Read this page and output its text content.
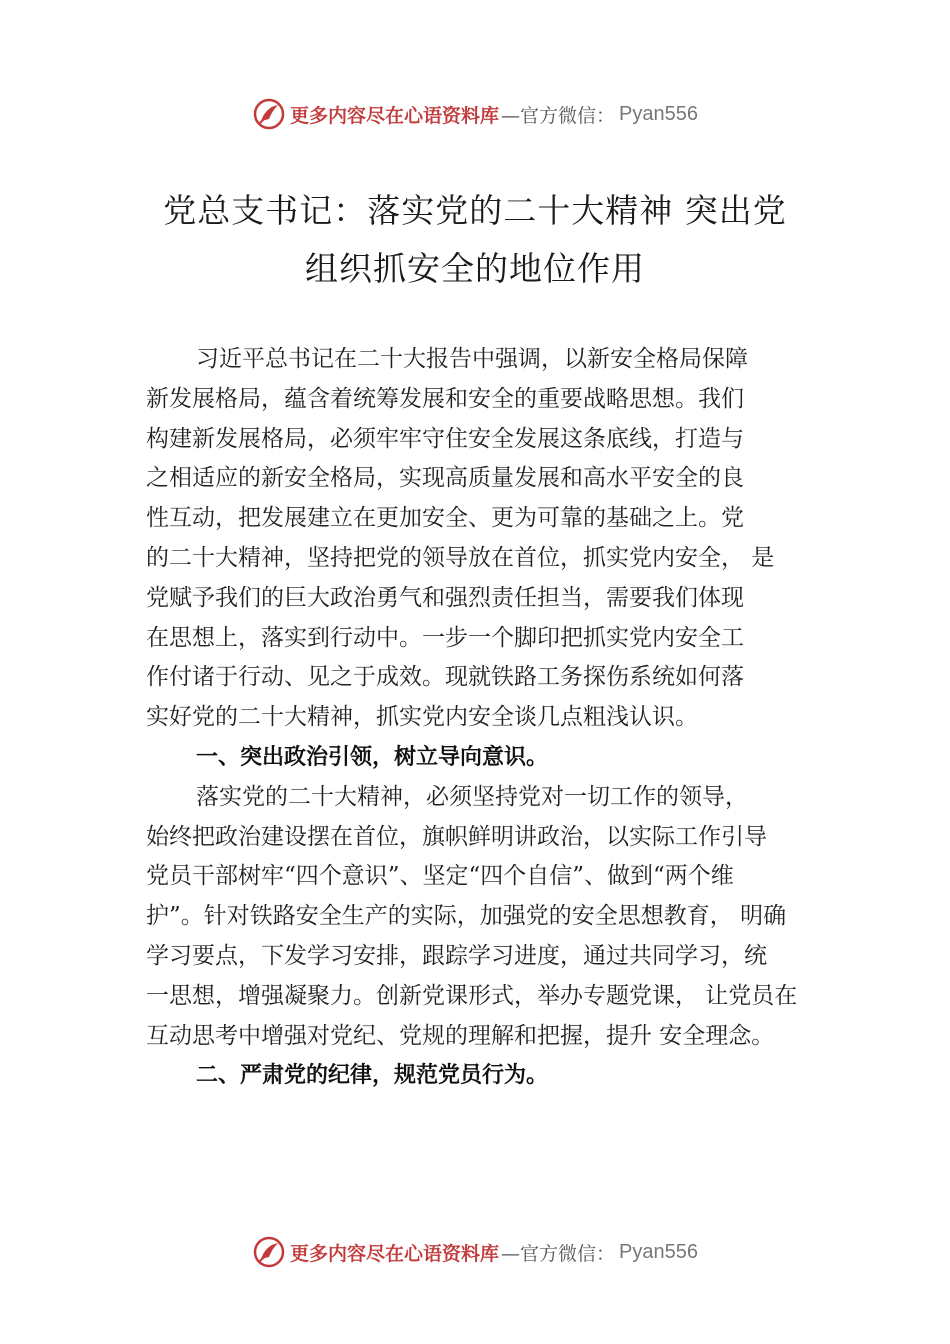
更多内容尽在心语资料库 —官方微信： Pyan556
党总支书记：落实党的二十大精神 突出党
组织抓安全的地位作用
习近平总书记在二十大报告中强调，以新安全格局保障
新发展格局，蕴含着统筹发展和安全的重要战略思想。我们
构建新发展格局，必须牢牢守住安全发展这条底线，打造与
之相适应的新安全格局，实现高质量发展和高水平安全的良
性互动，把发展建立在更加安全、更为可靠的基础之上。党
的二十大精神，坚持把党的领导放在首位，抓实党内安全， 是
党赋予我们的巨大政治勇气和强烈责任担当，需要我们体现
在思想上，落实到行动中。一步一个脚印把抓实党内安全工
作付诸于行动、见之于成效。现就铁路工务探伤系统如何落
实好党的二十大精神，抓实党内安全谈几点粗浅认识。
一、突出政治引领，树立导向意识。
落实党的二十大精神，必须坚持党对一切工作的领导，
始终把政治建设摆在首位，旗帜鲜明讲政治，以实际工作引导
党员干部树牢“四个意识”、坚定“四个自信”、做到“两个维
护”。针对铁路安全生产的实际，加强党的安全思想教育， 明确
学习要点，下发学习安排，跟踪学习进度，通过共同学习，统
一思想，增强凝聚力。创新党课形式，举办专题党课， 让党员在
互动思考中增强对党纪、党规的理解和把握，提升 安全理念。
二、严肃党的纪律，规范党员行为。
更多内容尽在心语资料库 —官方微信： Pyan556
